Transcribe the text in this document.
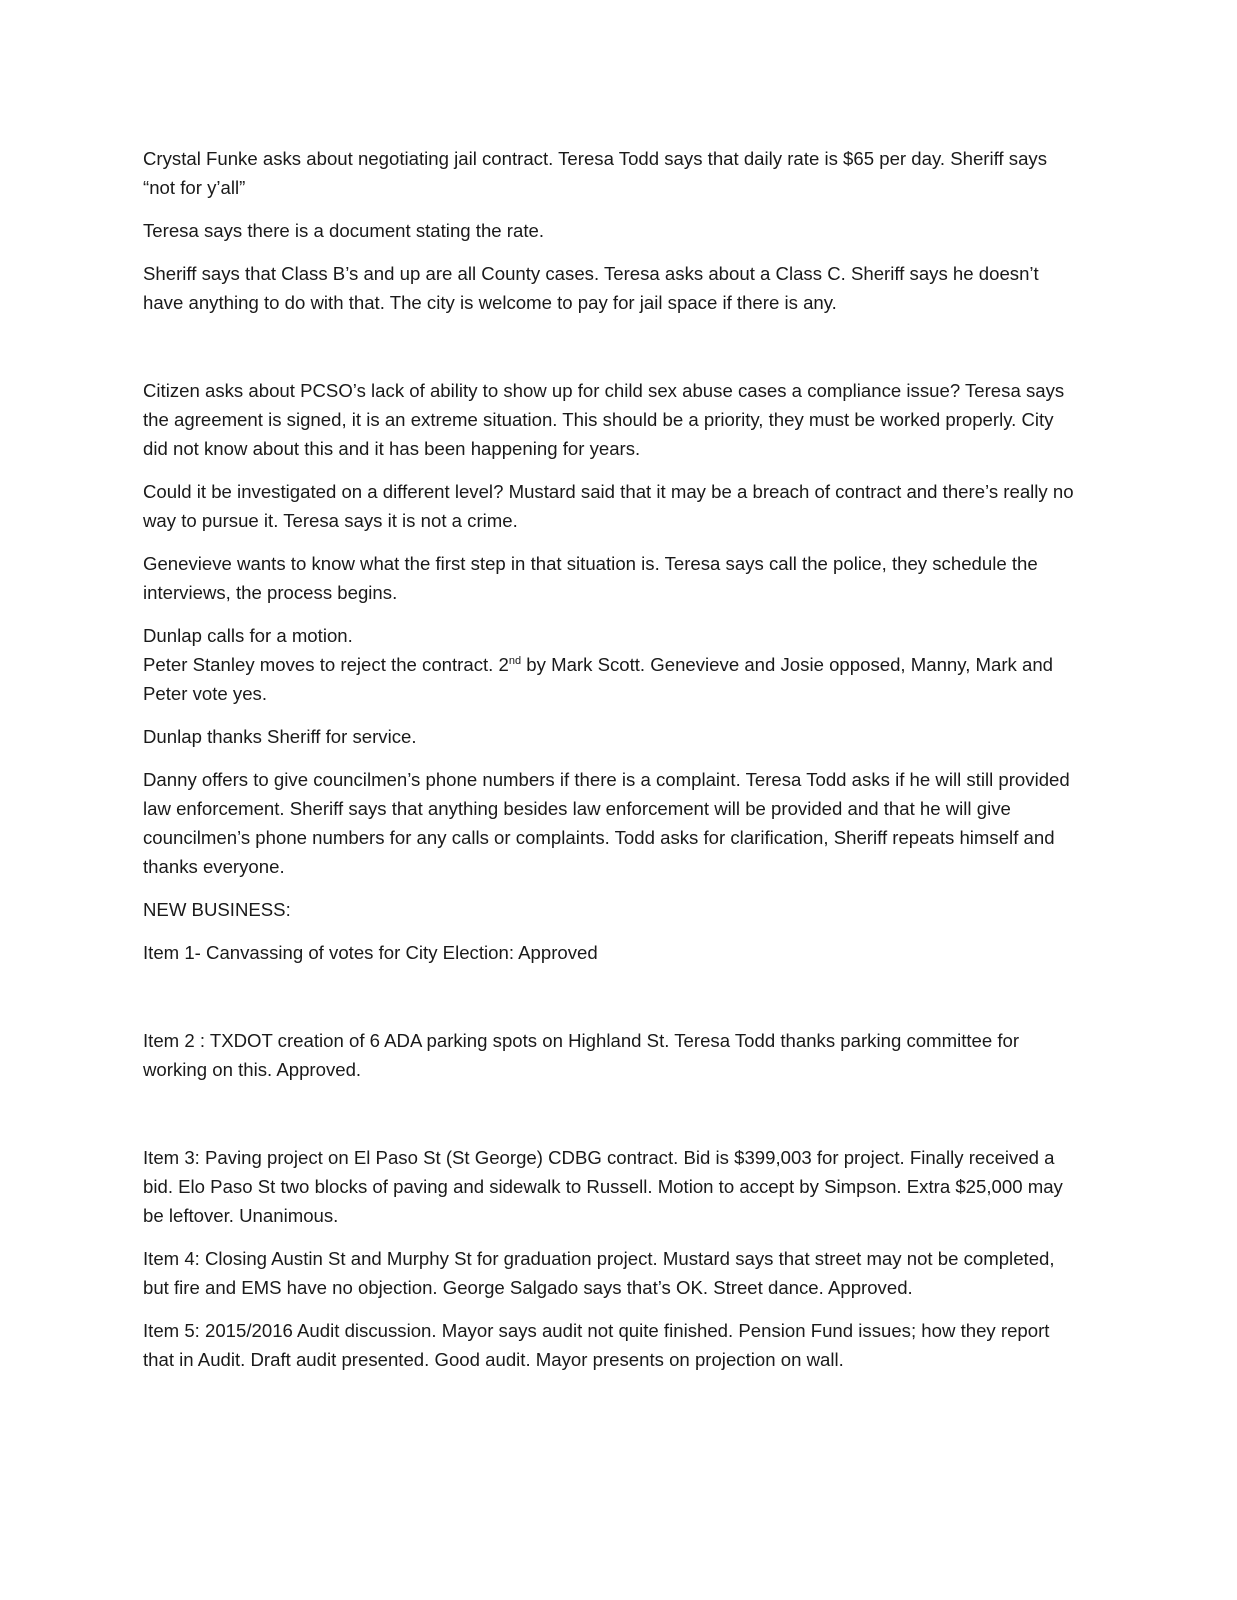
Crystal Funke asks about negotiating jail contract. Teresa Todd says that daily rate is $65 per day. Sheriff says “not for y’all”

Teresa says there is a document stating the rate.

Sheriff says that Class B’s and up are all County cases. Teresa asks about a Class C. Sheriff says he doesn’t have anything to do with that. The city is welcome to pay for jail space if there is any.

Citizen asks about PCSO’s lack of ability to show up for child sex abuse cases a compliance issue? Teresa says the agreement is signed, it is an extreme situation. This should be a priority, they must be worked properly. City did not know about this and it has been happening for years.

Could it be investigated on a different level? Mustard said that it may be a breach of contract and there’s really no way to pursue it. Teresa says it is not a crime.

Genevieve wants to know what the first step in that situation is. Teresa says call the police, they schedule the interviews, the process begins.

Dunlap calls for a motion.
Peter Stanley moves to reject the contract. 2nd by Mark Scott. Genevieve and Josie opposed, Manny, Mark and Peter vote yes.

Dunlap thanks Sheriff for service.

Danny offers to give councilmen’s phone numbers if there is a complaint. Teresa Todd asks if he will still provided law enforcement. Sheriff says that anything besides law enforcement will be provided and that he will give councilmen’s phone numbers for any calls or complaints. Todd asks for clarification, Sheriff repeats himself and thanks everyone.

NEW BUSINESS:

Item 1- Canvassing of votes for City Election: Approved

Item 2 : TXDOT creation of 6 ADA parking spots on Highland St. Teresa Todd thanks parking committee for working on this. Approved.

Item 3: Paving project on El Paso St (St George) CDBG contract. Bid is $399,003 for project. Finally received a bid. Elo Paso St two blocks of paving and sidewalk to Russell. Motion to accept by Simpson. Extra $25,000 may be leftover. Unanimous.

Item 4: Closing Austin St and Murphy St for graduation project. Mustard says that street may not be completed, but fire and EMS have no objection. George Salgado says that’s OK. Street dance. Approved.

Item 5: 2015/2016 Audit discussion. Mayor says audit not quite finished. Pension Fund issues; how they report that in Audit. Draft audit presented. Good audit. Mayor presents on projection on wall.
